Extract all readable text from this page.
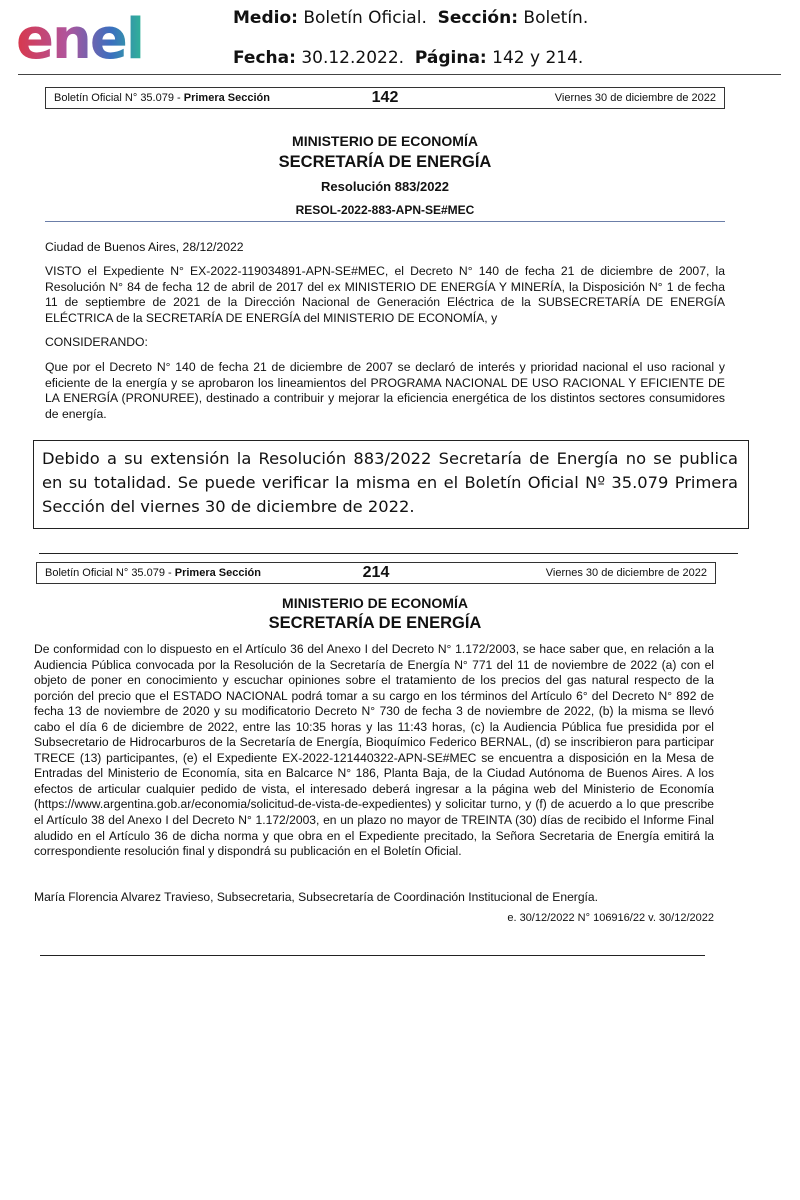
enel	Medio: Boletín Oficial. Sección: Boletín.
Fecha: 30.12.2022. Página: 142 y 214.
Boletín Oficial N° 35.079 - Primera Sección	142	Viernes 30 de diciembre de 2022
MINISTERIO DE ECONOMÍA
SECRETARÍA DE ENERGÍA
Resolución 883/2022
RESOL-2022-883-APN-SE#MEC
Ciudad de Buenos Aires, 28/12/2022
VISTO el Expediente N° EX-2022-119034891-APN-SE#MEC, el Decreto N° 140 de fecha 21 de diciembre de 2007, la Resolución N° 84 de fecha 12 de abril de 2017 del ex MINISTERIO DE ENERGÍA Y MINERÍA, la Disposición N° 1 de fecha 11 de septiembre de 2021 de la Dirección Nacional de Generación Eléctrica de la SUBSECRETARÍA DE ENERGÍA ELÉCTRICA de la SECRETARÍA DE ENERGÍA del MINISTERIO DE ECONOMÍA, y
CONSIDERANDO:
Que por el Decreto N° 140 de fecha 21 de diciembre de 2007 se declaró de interés y prioridad nacional el uso racional y eficiente de la energía y se aprobaron los lineamientos del PROGRAMA NACIONAL DE USO RACIONAL Y EFICIENTE DE LA ENERGÍA (PRONUREE), destinado a contribuir y mejorar la eficiencia energética de los distintos sectores consumidores de energía.
Debido a su extensión la Resolución 883/2022 Secretaría de Energía no se publica en su totalidad. Se puede verificar la misma en el Boletín Oficial Nº 35.079 Primera Sección del viernes 30 de diciembre de 2022.
Boletín Oficial N° 35.079 - Primera Sección	214	Viernes 30 de diciembre de 2022
MINISTERIO DE ECONOMÍA
SECRETARÍA DE ENERGÍA
De conformidad con lo dispuesto en el Artículo 36 del Anexo I del Decreto N° 1.172/2003, se hace saber que, en relación a la Audiencia Pública convocada por la Resolución de la Secretaría de Energía N° 771 del 11 de noviembre de 2022 (a) con el objeto de poner en conocimiento y escuchar opiniones sobre el tratamiento de los precios del gas natural respecto de la porción del precio que el ESTADO NACIONAL podrá tomar a su cargo en los términos del Artículo 6° del Decreto N° 892 de fecha 13 de noviembre de 2020 y su modificatorio Decreto N° 730 de fecha 3 de noviembre de 2022, (b) la misma se llevó cabo el día 6 de diciembre de 2022, entre las 10:35 horas y las 11:43 horas, (c) la Audiencia Pública fue presidida por el Subsecretario de Hidrocarburos de la Secretaría de Energía, Bioquímico Federico BERNAL, (d) se inscribieron para participar TRECE (13) participantes, (e) el Expediente EX-2022-121440322-APN-SE#MEC se encuentra a disposición en la Mesa de Entradas del Ministerio de Economía, sita en Balcarce N° 186, Planta Baja, de la Ciudad Autónoma de Buenos Aires. A los efectos de articular cualquier pedido de vista, el interesado deberá ingresar a la página web del Ministerio de Economía (https://www.argentina.gob.ar/economia/solicitud-de-vista-de-expedientes) y solicitar turno, y (f) de acuerdo a lo que prescribe el Artículo 38 del Anexo I del Decreto N° 1.172/2003, en un plazo no mayor de TREINTA (30) días de recibido el Informe Final aludido en el Artículo 36 de dicha norma y que obra en el Expediente precitado, la Señora Secretaria de Energía emitirá la correspondiente resolución final y dispondrá su publicación en el Boletín Oficial.
María Florencia Alvarez Travieso, Subsecretaria, Subsecretaría de Coordinación Institucional de Energía.
e. 30/12/2022 N° 106916/22 v. 30/12/2022
